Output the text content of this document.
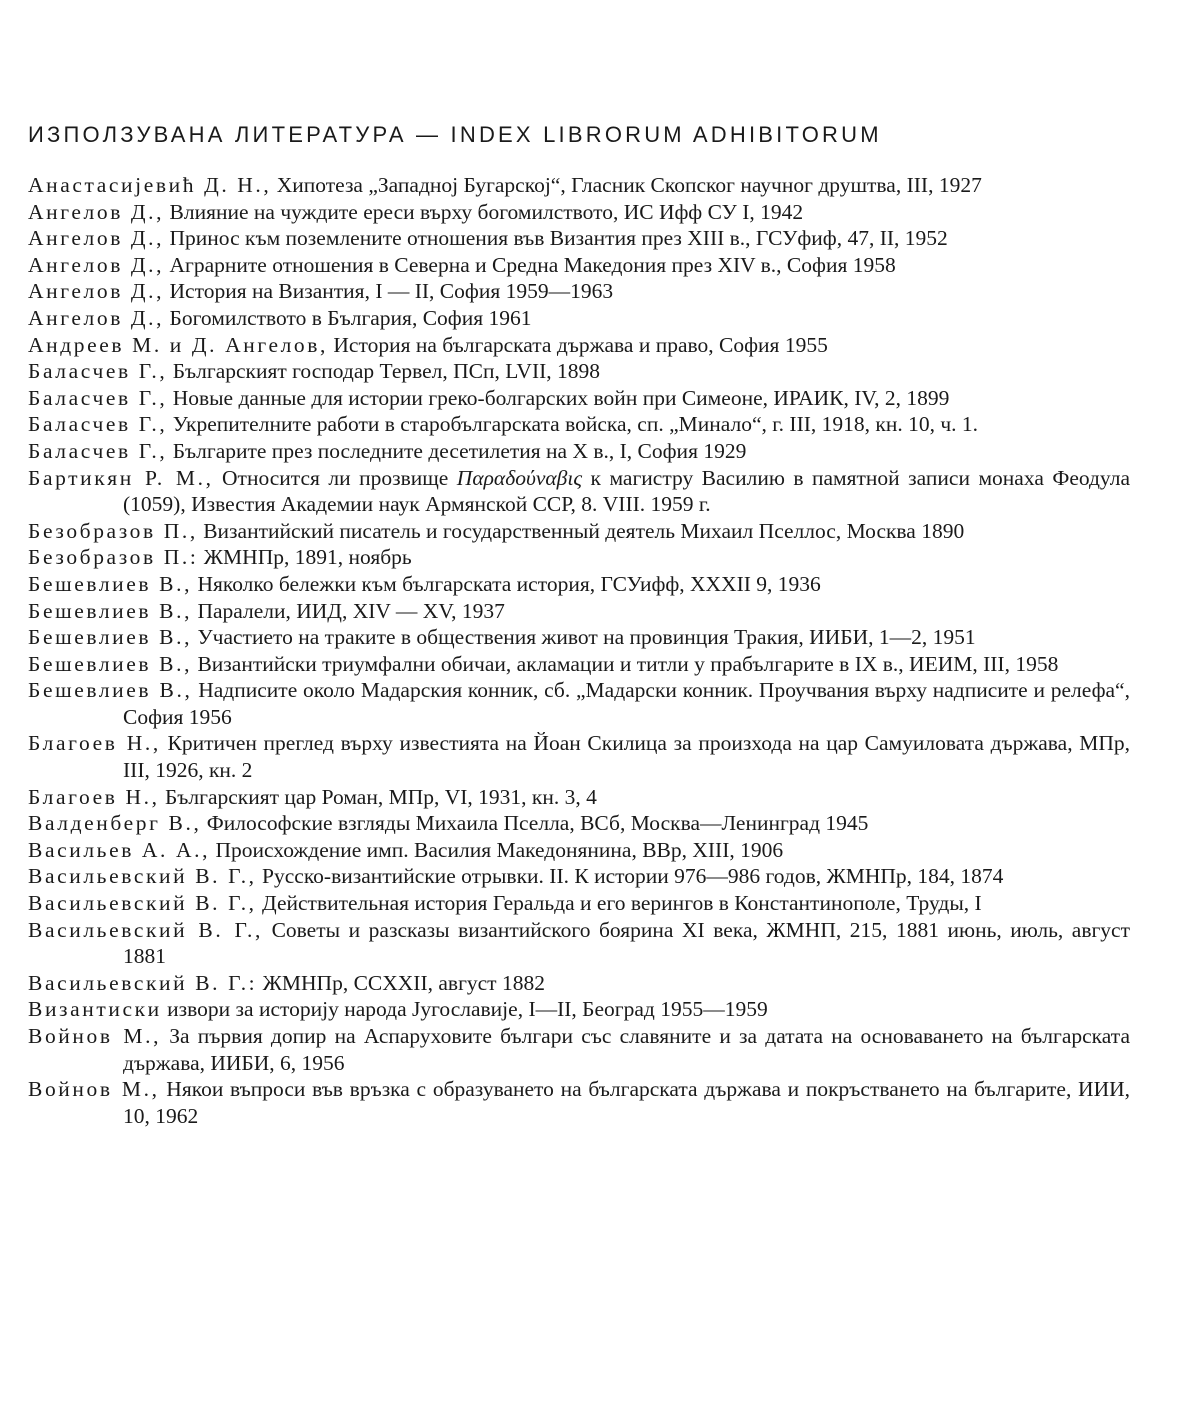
ИЗПОЛЗУВАНА ЛИТЕРАТУРА — INDEX LIBRORUM ADHIBITORUM
Анастасијевић Д. Н., Хипотеза „Западноj Бугарскоj“, Гласник Скопског научног друштва, III, 1927
Ангелов Д., Влияние на чуждите ереси върху богомилството, ИС Ифф СУ I, 1942
Ангелов Д., Принос към поземлените отношения във Византия през XIII в., ГСУфиф, 47, II, 1952
Ангелов Д., Аграрните отношения в Северна и Средна Македония през XIV в., София 1958
Ангелов Д., История на Византия, I — II, София 1959—1963
Ангелов Д., Богомилството в България, София 1961
Андреев М. и Д. Ангелов, История на българската държава и право, София 1955
Баласчев Г., Българският господар Тервел, ПСп, LVII, 1898
Баласчев Г., Новые данные для истории греко-болгарских войн при Симеоне, ИРАИК, IV, 2, 1899
Баласчев Г., Укрепителните работи в старобългарската войска, сп. „Минало“, г. III, 1918, кн. 10, ч. 1.
Баласчев Г., Българите през последните десетилетия на X в., I, София 1929
Бартикян Р. М., Относится ли прозвище Παραδούναβις к магистру Василию в памятной записи монаха Феодула (1059), Известия Академии наук Армянской ССР, 8. VIII. 1959 г.
Безобразов П., Византийский писатель и государственный деятель Михаил Пселлос, Москва 1890
Безобразов П.: ЖМНПр, 1891, ноябрь
Бешевлиев В., Няколко бележки към българската история, ГСУифф, XXXII 9, 1936
Бешевлиев В., Паралели, ИИД, XIV — XV, 1937
Бешевлиев В., Участието на траките в обществения живот на провинция Тракия, ИИБИ, 1—2, 1951
Бешевлиев В., Византийски триумфални обичаи, акламации и титли у прабългарите в IX в., ИЕИМ, III, 1958
Бешевлиев В., Надписите около Мадарския конник, сб. „Мадарски конник. Проучвания върху надписите и релефа“, София 1956
Благоев Н., Критичен преглед върху известията на Йоан Скилица за произхода на цар Самуиловата държава, МПр, III, 1926, кн. 2
Благоев Н., Българският цар Роман, МПр, VI, 1931, кн. 3, 4
Валденберг В., Философские взгляды Михаила Пселла, ВСб, Москва—Ленинград 1945
Васильев А. А., Происхождение имп. Василия Македонянина, ВВр, XIII, 1906
Васильевский В. Г., Русско-византийские отрывки. II. К истории 976—986 годов, ЖМНПр, 184, 1874
Васильевский В. Г., Действительная история Геральда и его верингов в Константинополе, Труды, I
Васильевский В. Г., Советы и разсказы византийского боярина XI века, ЖМНП, 215, 1881 июнь, июль, август 1881
Васильевский В. Г.: ЖМНПр, CCXXII, август 1882
Византиски извори за историjу народа Jугославиjе, I—II, Београд 1955—1959
Войнов М., За първия допир на Аспаруховите българи със славяните и за датата на основаването на българската държава, ИИБИ, 6, 1956
Войнов М., Някои въпроси във връзка с образуването на българската държава и покръстването на българите, ИИИ, 10, 1962
